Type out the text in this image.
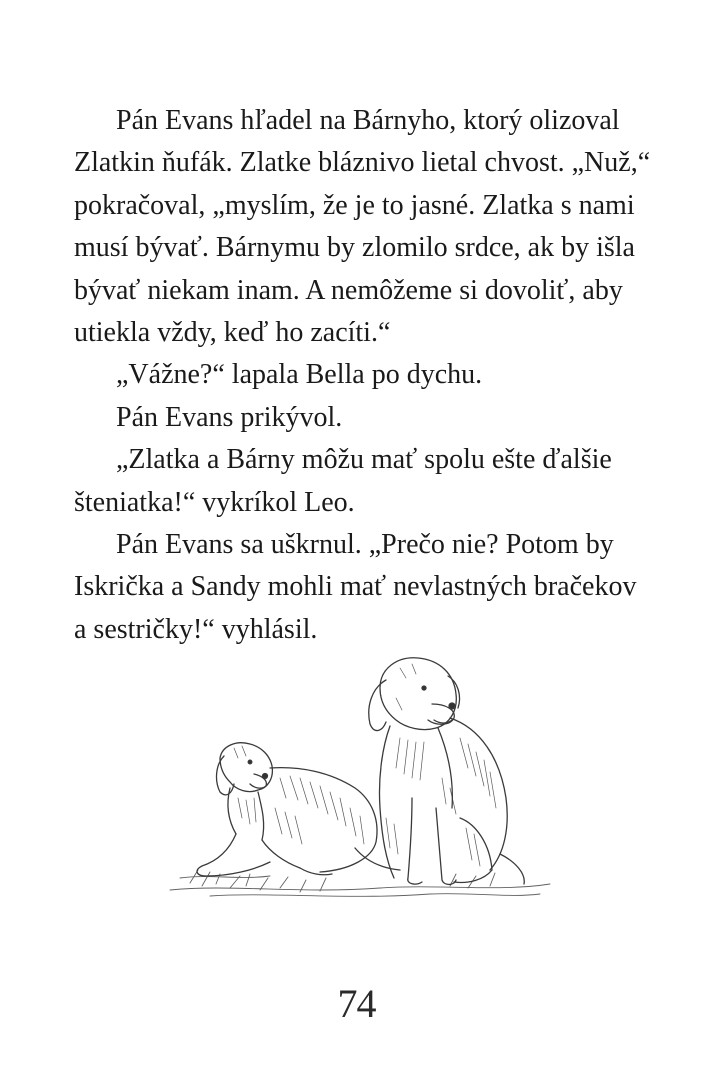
Pán Evans hľadel na Bárnyho, ktorý olizoval
Zlatkin ňufák. Zlatke bláznivo lietal chvost. „Nuž,“
pokračoval, „myslím, že je to jasné. Zlatka s nami
musí bývať. Bárnymu by zlomilo srdce, ak by išla
bývať niekam inam. A nemôžeme si dovoliť, aby
utiekla vždy, keď ho zacíti.“

„Vážne?“ lapala Bella po dychu.

Pán Evans prikývol.

„Zlatka a Bárny môžu mať spolu ešte ďalšie
šteniatka!“ vykríkol Leo.

Pán Evans sa uškrnul. „Prečo nie? Potom by
Iskrička a Sandy mohli mať nevlastných bračekov
a sestričky!“ vyhlásil.

74
